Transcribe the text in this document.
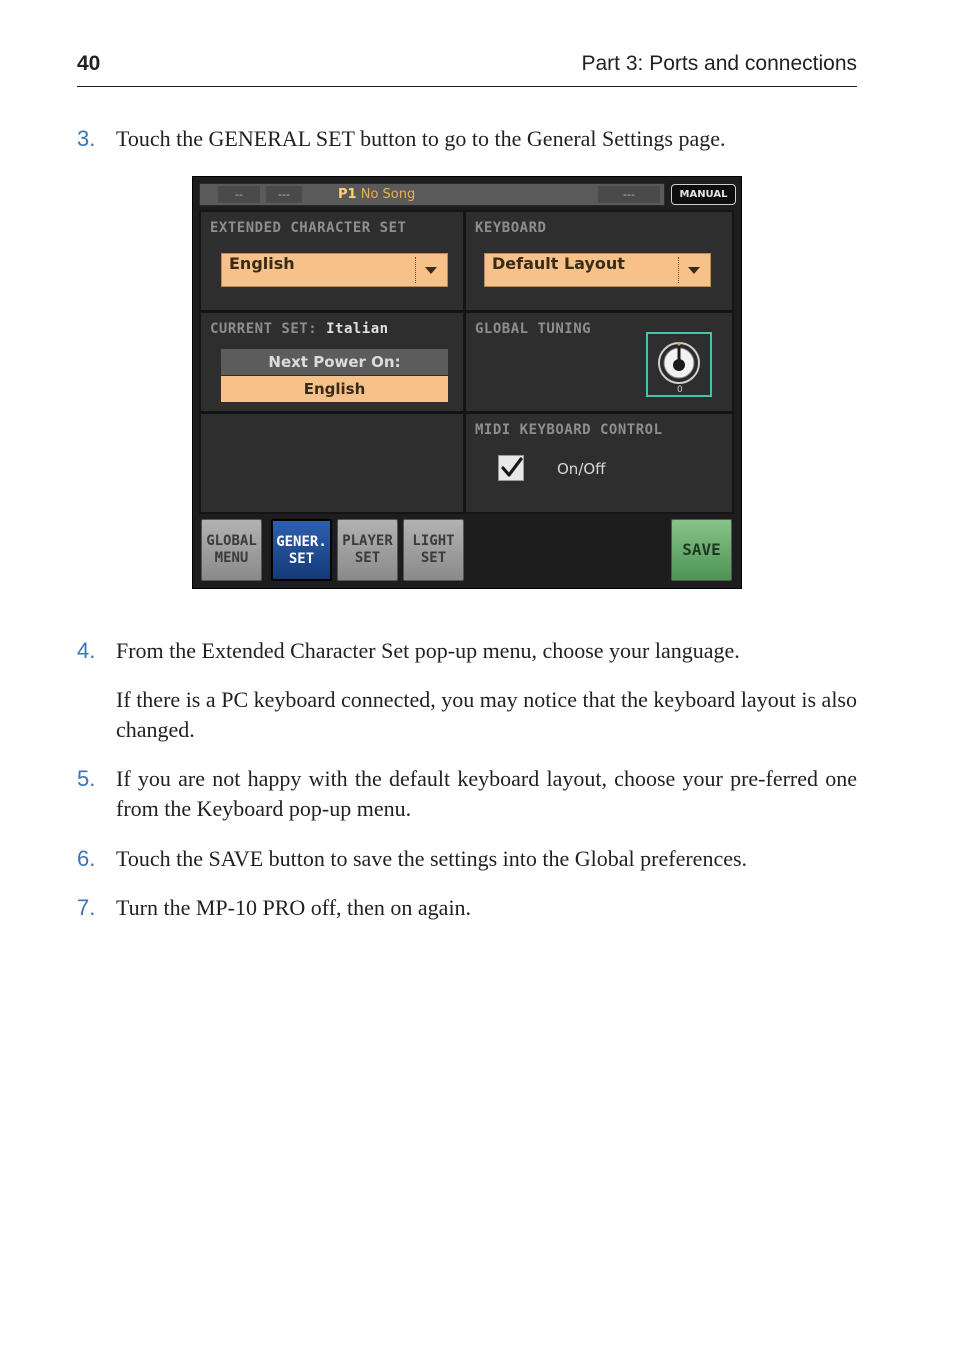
40	Part 3: Ports and connections
3. Touch the GENERAL SET button to go to the General Settings page.
--	---	P1 No Song	---	MANUAL
EXTENDED CHARACTER SET
English
KEYBOARD
Default Layout
CURRENT SET: Italian
Next Power On:
English
GLOBAL TUNING
0
MIDI KEYBOARD CONTROL
On/Off
GLOBAL
MENU
GENER.
SET
PLAYER
SET
LIGHT
SET	SAVE
4. From the Extended Character Set pop-up menu, choose your language.
If there is a PC keyboard connected, you may notice that the keyboard layout is also changed.
5. If you are not happy with the default keyboard layout, choose your pre-ferred one from the Keyboard pop-up menu.
6. Touch the SAVE button to save the settings into the Global preferences.
7. Turn the MP-10 PRO off, then on again.
